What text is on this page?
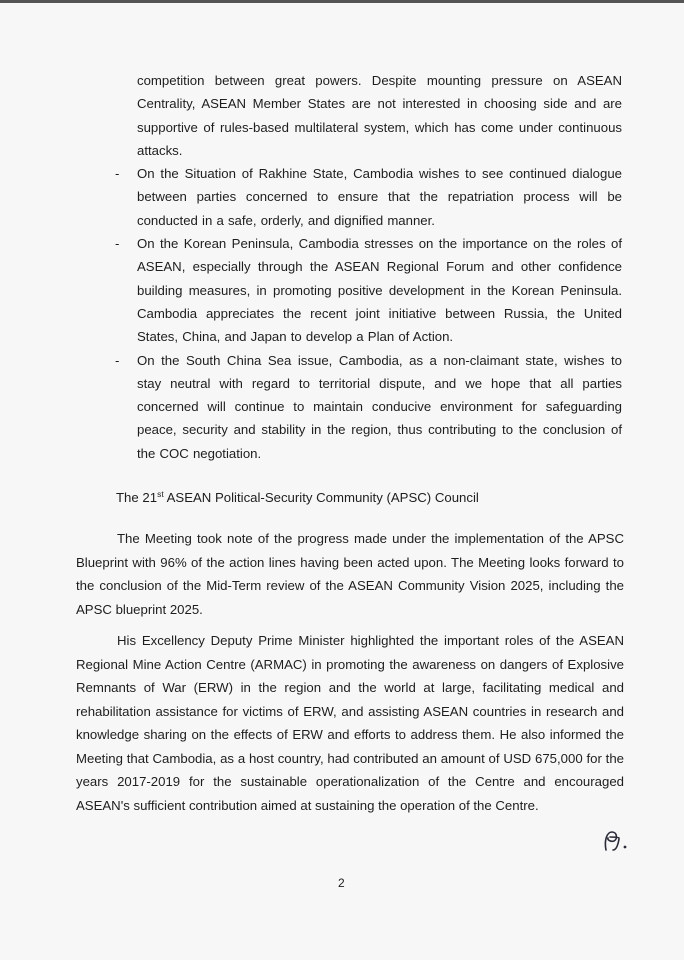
competition between great powers. Despite mounting pressure on ASEAN Centrality, ASEAN Member States are not interested in choosing side and are supportive of rules-based multilateral system, which has come under continuous attacks.

- On the Situation of Rakhine State, Cambodia wishes to see continued dialogue between parties concerned to ensure that the repatriation process will be conducted in a safe, orderly, and dignified manner.
- On the Korean Peninsula, Cambodia stresses on the importance on the roles of ASEAN, especially through the ASEAN Regional Forum and other confidence building measures, in promoting positive development in the Korean Peninsula. Cambodia appreciates the recent joint initiative between Russia, the United States, China, and Japan to develop a Plan of Action.
- On the South China Sea issue, Cambodia, as a non-claimant state, wishes to stay neutral with regard to territorial dispute, and we hope that all parties concerned will continue to maintain conducive environment for safeguarding peace, security and stability in the region, thus contributing to the conclusion of the COC negotiation.
The 21st ASEAN Political-Security Community (APSC) Council

The Meeting took note of the progress made under the implementation of the APSC Blueprint with 96% of the action lines having been acted upon. The Meeting looks forward to the conclusion of the Mid-Term review of the ASEAN Community Vision 2025, including the APSC blueprint 2025.

His Excellency Deputy Prime Minister highlighted the important roles of the ASEAN Regional Mine Action Centre (ARMAC) in promoting the awareness on dangers of Explosive Remnants of War (ERW) in the region and the world at large, facilitating medical and rehabilitation assistance for victims of ERW, and assisting ASEAN countries in research and knowledge sharing on the effects of ERW and efforts to address them. He also informed the Meeting that Cambodia, as a host country, had contributed an amount of USD 675,000 for the years 2017-2019 for the sustainable operationalization of the Centre and encouraged ASEAN's sufficient contribution aimed at sustaining the operation of the Centre.

2
